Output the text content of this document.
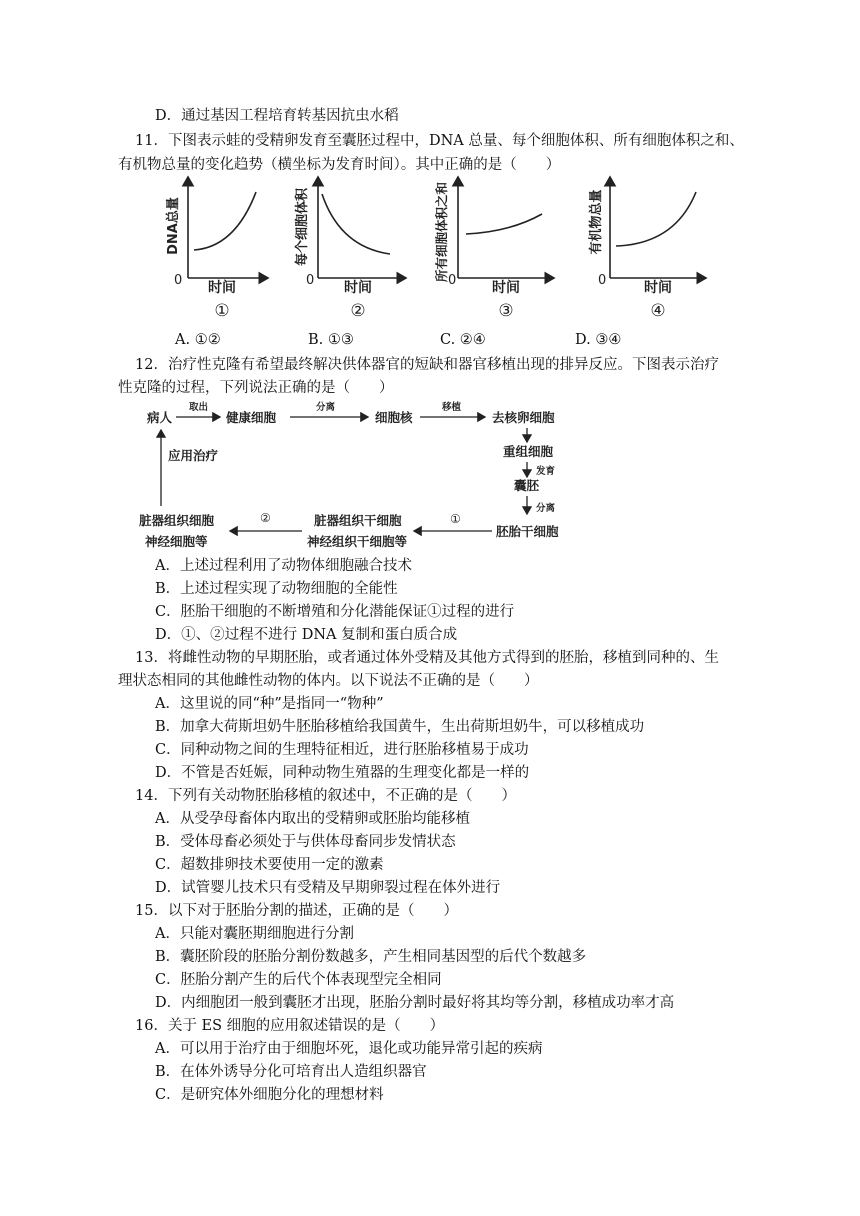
D．通过基因工程培育转基因抗虫水稻
11．下图表示蛙的受精卵发育至囊胚过程中，DNA 总量、每个细胞体积、所有细胞体积之和、
有机物总量的变化趋势（横坐标为发育时间）。其中正确的是（　　）
DNA总量
0 时间
①
每个细胞体积
0 时间
②
所有细胞体积之和 0	时间
③
有机物总量
0	时间
④
A. ①②	B. ①③	C. ②④	D. ③④
12．治疗性克隆有希望最终解决供体器官的短缺和器官移植出现的排异反应。下图表示治疗
性克隆的过程，下列说法正确的是（　　）
病人
取出
健康细胞
分离
细胞核
移植
去核卵细胞
重组细胞
发育
囊胚
分离
胚胎干细胞
①
脏器组织干细胞
神经组织干细胞等
②
脏器组织细胞
神经细胞等
应用治疗
A．上述过程利用了动物体细胞融合技术
B．上述过程实现了动物细胞的全能性
C．胚胎干细胞的不断增殖和分化潜能保证①过程的进行
D．①、②过程不进行 DNA 复制和蛋白质合成
13．将雌性动物的早期胚胎，或者通过体外受精及其他方式得到的胚胎，移植到同种的、生
理状态相同的其他雌性动物的体内。以下说法不正确的是（　　）
A．这里说的同“种”是指同一“物种”
B．加拿大荷斯坦奶牛胚胎移植给我国黄牛，生出荷斯坦奶牛，可以移植成功
C．同种动物之间的生理特征相近，进行胚胎移植易于成功
D．不管是否妊娠，同种动物生殖器的生理变化都是一样的
14．下列有关动物胚胎移植的叙述中，不正确的是（　　）
A．从受孕母畜体内取出的受精卵或胚胎均能移植
B．受体母畜必须处于与供体母畜同步发情状态
C．超数排卵技术要使用一定的激素
D．试管婴儿技术只有受精及早期卵裂过程在体外进行
15．以下对于胚胎分割的描述，正确的是（　　）
A．只能对囊胚期细胞进行分割
B．囊胚阶段的胚胎分割份数越多，产生相同基因型的后代个数越多
C．胚胎分割产生的后代个体表现型完全相同
D．内细胞团一般到囊胚才出现，胚胎分割时最好将其均等分割，移植成功率才高
16．关于 ES 细胞的应用叙述错误的是（　　）
A．可以用于治疗由于细胞坏死，退化或功能异常引起的疾病
B．在体外诱导分化可培育出人造组织器官
C．是研究体外细胞分化的理想材料
